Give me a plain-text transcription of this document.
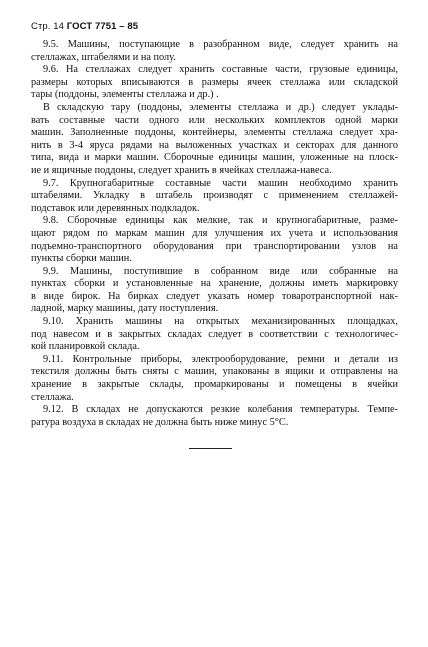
Стр. 14 ГОСТ 7751 – 85
9.5. Машины, поступающие в разобранном виде, следует хранить на
стеллажах, штабелями и на полу.
9.6. На стеллажах следует хранить составные части, грузовые единицы,
размеры которых вписываются в размеры ячеек стеллажа или складской
тары (поддоны, элементы стеллажа и др.) .
В складскую тару (поддоны, элементы стеллажа и др.) следует уклады-
вать составные части одного или нескольких комплектов одной марки
машин. Заполненные поддоны, контейнеры, элементы стеллажа следует хра-
нить в 3-4 яруса рядами на выложенных участках и секторах для данного
типа, вида и марки машин. Сборочные единицы машин, уложенные на плоск-
ие и ящичные поддоны, следует хранить в ячейках стеллажа-навеса.
9.7. Крупногабаритные составные части машин необходимо хранить
штабелями. Укладку в штабель производят с применением стеллажей-
подставок или деревянных подкладок.
9.8. Сборочные единицы как мелкие, так и крупногабаритные, разме-
щают рядом по маркам машин для улучшения их учета и использования
подъемно-транспортного оборудования при транспортировании узлов на
пункты сборки машин.
9.9. Машины, поступившие в собранном виде или собранные на
пунктах сборки и установленные на хранение, должны иметь маркировку
в виде бирок. На бирках следует указать номер товаротранспортной нак-
ладной, марку машины, дату поступления.
9.10. Хранить машины на открытых механизированных площадках,
под навесом и в закрытых складах следует в соответствии с технологичес-
кой планировкой склада.
9.11. Контрольные приборы, электрооборудование, ремни и детали из
текстиля должны быть сняты с машин, упакованы в ящики и отправлены на
хранение в закрытые склады, промаркированы и помещены в ячейки
стеллажа.
9.12. В складах не допускаются резкие колебания температуры. Темпе-
ратура воздуха в складах не должна быть ниже минус 5°С.
